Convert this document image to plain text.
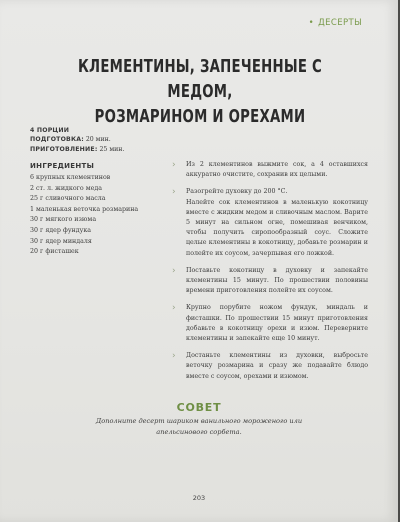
• ДЕСЕРТЫ
КЛЕМЕНТИНЫ, ЗАПЕЧЕННЫЕ С МЕДОМ,
РОЗМАРИНОМ И ОРЕХАМИ
4 ПОРЦИИ
ПОДГОТОВКА: 20 мин.
ПРИГОТОВЛЕНИЕ: 25 мин.
ИНГРЕДИЕНТЫ
6 крупных клементинов
2 ст. л. жидкого меда
25 г сливочного масла
1 маленькая веточка розмарина
30 г мягкого изюма
30 г ядер фундука
30 г ядер миндаля
20 г фисташек
› Из 2 клементинов выжмите сок, а 4 оставшихся аккуратно очистите, сохранив их целыми.

› Разогрейте духовку до 200 °С.

Налейте сок клементинов в маленькую кокотницу вместе с жидким медом и сливочным маслом. Варите 5 минут на сильном огне, помешивая венчиком, чтобы получить сиропообразный соус. Сложите целые клементины в кокотницу, добавьте розмарин и полейте их соусом, зачерпывая его ложкой.

› Поставьте кокотницу в духовку и запекайте клементины 15 минут. По прошествии половины времени приготовления полейте их соусом.

› Крупно порубите ножом фундук, миндаль и фисташки. По прошествии 15 минут приготовления добавьте в кокотницу орехи и изюм. Переверните клементины и запекайте еще 10 минут.

› Достаньте клементины из духовки, выбросьте веточку розмарина и сразу же подавайте блюдо вместе с соусом, орехами и изюмом.

СОВЕТ
Дополните десерт шариком ванильного мороженого или апельсинового сорбета.
203
